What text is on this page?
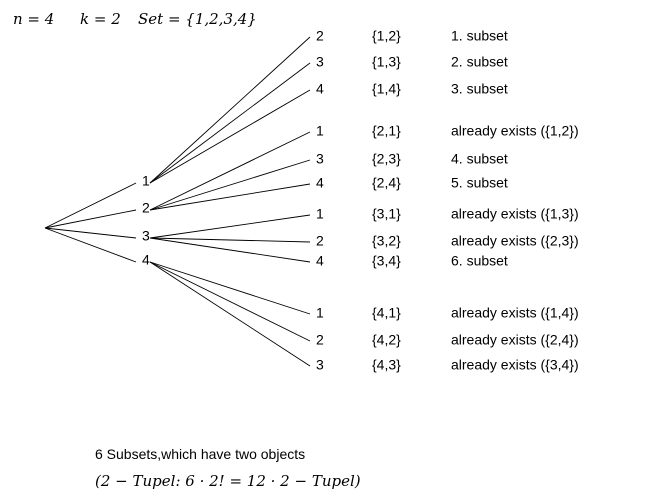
n = 4 k = 2 Set = {1,2,3,4}
1
2
3
4
2	{1,2}	1. subset
3	{1,3}	2. subset
4	{1,4}	3. subset
1	{2,1}	already exists ({1,2})
3	{2,3}	4. subset
4	{2,4}	5. subset
1	{3,1}	already exists ({1,3})
2	{3,2}	already exists ({2,3})
4	{3,4}	6. subset
1	{4,1}	already exists ({1,4})
2	{4,2}	already exists ({2,4})
3	{4,3}	already exists ({3,4})
6 Subsets,which have two objects
(2 − Tupel: 6 · 2! = 12 · 2 − Tupel)
